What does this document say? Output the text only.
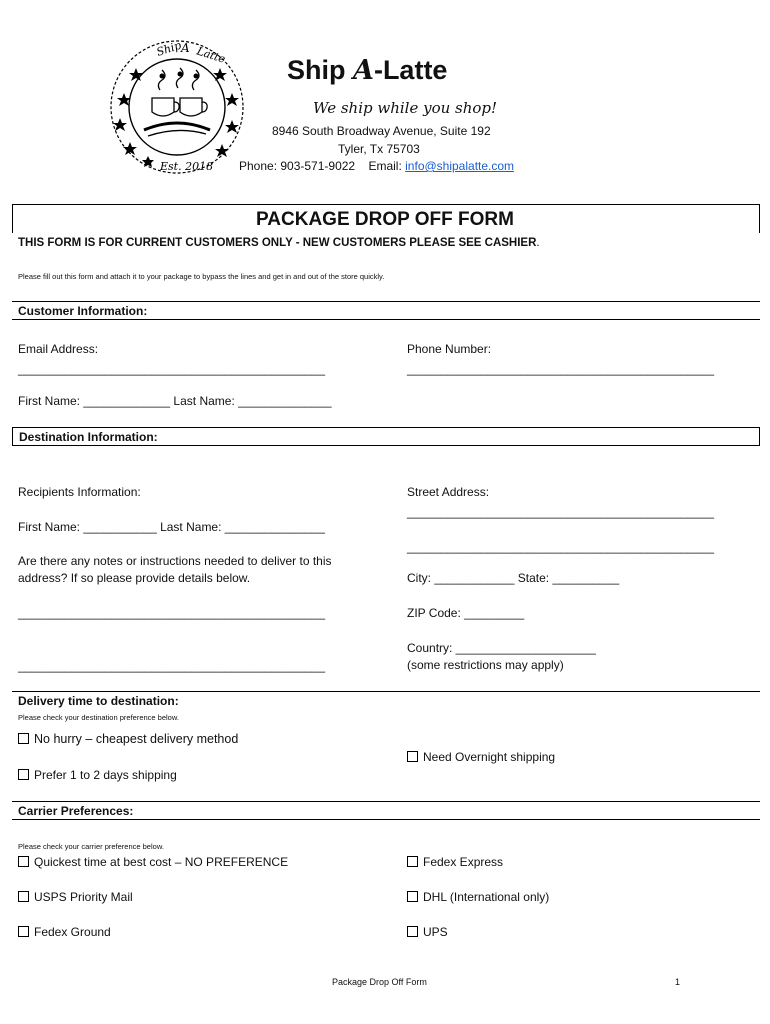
Ship
A Latte
Est. 2018
Ship A-Latte
We ship while you shop!
8946 South Broadway Avenue, Suite 192
Tyler, Tx 75703
Phone: 903-571-9022 Email: info@shipalatte.com
PACKAGE DROP OFF FORM
THIS FORM IS FOR CURRENT CUSTOMERS ONLY - NEW CUSTOMERS PLEASE SEE CASHIER.
Please fill out this form and attach it to your package to bypass the lines and get in and out of the store quickly.
Customer Information:
Email Address:
______________________________________________
Phone Number:
______________________________________________
First Name: _____________ Last Name: ______________
Destination Information:
Recipients Information:
First Name: ___________ Last Name: _______________
Are there any notes or instructions needed to deliver to this
address? If so please provide details below.
______________________________________________
______________________________________________
Street Address:
______________________________________________
______________________________________________
City: ____________ State: __________
ZIP Code: _________
Country: _____________________
(some restrictions may apply)
Delivery time to destination:
Please check your destination preference below.
No hurry – cheapest delivery method
Prefer 1 to 2 days shipping
Need Overnight shipping
Carrier Preferences:
Please check your carrier preference below.
Quickest time at best cost – NO PREFERENCE
USPS Priority Mail
Fedex Ground
Fedex Express
DHL (International only)
UPS
Package Drop Off Form	1
